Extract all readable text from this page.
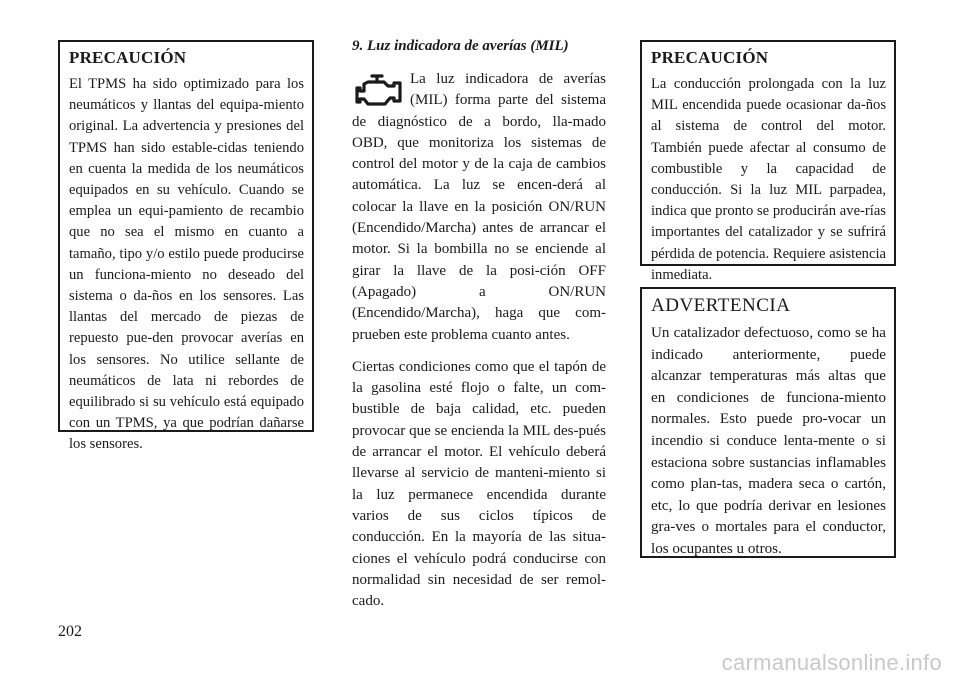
PRECAUCIÓN

El TPMS ha sido optimizado para los neumáticos y llantas del equipa-miento original. La advertencia y presiones del TPMS han sido estable-cidas teniendo en cuenta la medida de los neumáticos equipados en su vehículo. Cuando se emplea un equi-pamiento de recambio que no sea el mismo en cuanto a tamaño, tipo y/o estilo puede producirse un funciona-miento no deseado del sistema o da-ños en los sensores. Las llantas del mercado de piezas de repuesto pue-den provocar averías en los sensores. No utilice sellante de neumáticos de lata ni rebordes de equilibrado si su vehículo está equipado con un TPMS, ya que podrían dañarse los sensores.

9. Luz indicadora de averías (MIL)

La luz indicadora de averías (MIL) forma parte del sistema de diagnóstico de a bordo, lla-mado OBD, que monitoriza los sistemas de control del motor y de la caja de cambios automática. La luz se encen-derá al colocar la llave en la posición ON/RUN (Encendido/Marcha) antes de arrancar el motor. Si la bombilla no se enciende al girar la llave de la posi-ción OFF (Apagado) a ON/RUN (Encendido/Marcha), haga que com-prueben este problema cuanto antes.

Ciertas condiciones como que el tapón de la gasolina esté flojo o falte, un com-bustible de baja calidad, etc. pueden provocar que se encienda la MIL des-pués de arrancar el motor. El vehículo deberá llevarse al servicio de manteni-miento si la luz permanece encendida durante varios de sus ciclos típicos de conducción. En la mayoría de las situa-ciones el vehículo podrá conducirse con normalidad sin necesidad de ser remol-cado.

PRECAUCIÓN

La conducción prolongada con la luz MIL encendida puede ocasionar da-ños al sistema de control del motor. También puede afectar al consumo de combustible y la capacidad de conducción. Si la luz MIL parpadea, indica que pronto se producirán ave-rías importantes del catalizador y se sufrirá pérdida de potencia. Requiere asistencia inmediata.

ADVERTENCIA

Un catalizador defectuoso, como se ha indicado anteriormente, puede alcanzar temperaturas más altas que en condiciones de funciona-miento normales. Esto puede pro-vocar un incendio si conduce lenta-mente o si estaciona sobre sustancias inflamables como plan-tas, madera seca o cartón, etc, lo que podría derivar en lesiones gra-ves o mortales para el conductor, los ocupantes u otros.

202
carmanualsonline.info
